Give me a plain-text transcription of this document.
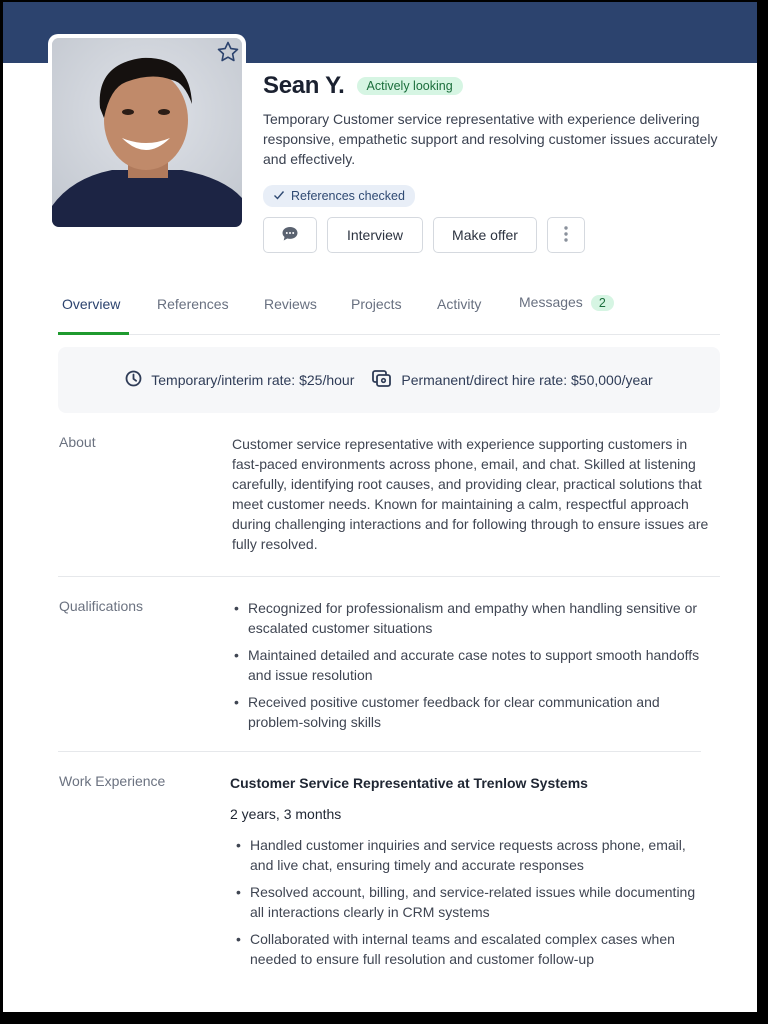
Sean Y.	Actively looking
Temporary Customer service representative with experience delivering responsive, empathetic support and resolving customer issues accurately and effectively.
References checked
Interview	Make offer
Overview	References	Reviews Projects	Activity	Messages 2
Temporary/interim rate: $25/hour	Permanent/direct hire rate: $50,000/year
About	Customer service representative with experience supporting customers in fast-paced environments across phone, email, and chat. Skilled at listening carefully, identifying root causes, and providing clear, practical solutions that meet customer needs. Known for maintaining a calm, respectful approach during challenging interactions and for following through to ensure issues are fully resolved.
Qualifications	• Recognized for professionalism and empathy when handling sensitive or escalated customer situations
• Maintained detailed and accurate case notes to support smooth handoffs and issue resolution
• Received positive customer feedback for clear communication and problem-solving skills
Work Experience	Customer Service Representative at Trenlow Systems
2 years, 3 months
• Handled customer inquiries and service requests across phone, email, and live chat, ensuring timely and accurate responses
• Resolved account, billing, and service-related issues while documenting all interactions clearly in CRM systems
• Collaborated with internal teams and escalated complex cases when needed to ensure full resolution and customer follow-up
